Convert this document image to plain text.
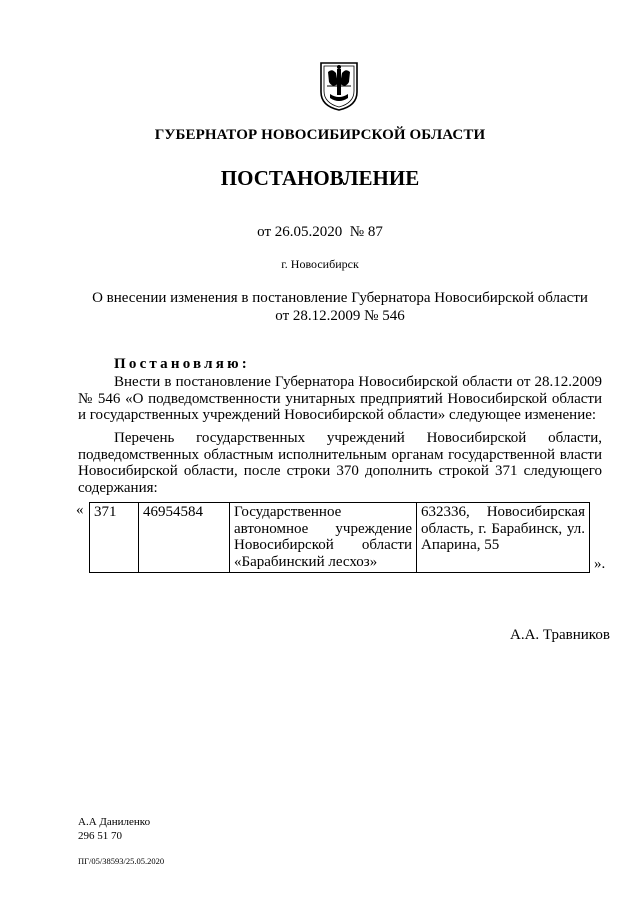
ГУБЕРНАТОР НОВОСИБИРСКОЙ ОБЛАСТИ
ПОСТАНОВЛЕНИЕ
от 26.05.2020  № 87
г. Новосибирск
О внесении изменения в постановление Губернатора Новосибирской области
от 28.12.2009 № 546
Постановляю:

Внести в постановление Губернатора Новосибирской области от 28.12.2009 № 546 «О подведомственности унитарных предприятий Новосибирской области и государственных учреждений Новосибирской области» следующее изменение:

Перечень государственных учреждений Новосибирской области, подведомственных областным исполнительным органам государственной власти Новосибирской области, после строки 370 дополнить строкой 371 следующего содержания:

« 371	46954584	Государственное автономное учреждение Новосибирской области «Барабинский лесхоз»	632336, Новосибирская область, г. Барабинск, ул. Апарина, 55
».
А.А. Травников
А.А Даниленко
296 51 70
ПГ/05/38593/25.05.2020
